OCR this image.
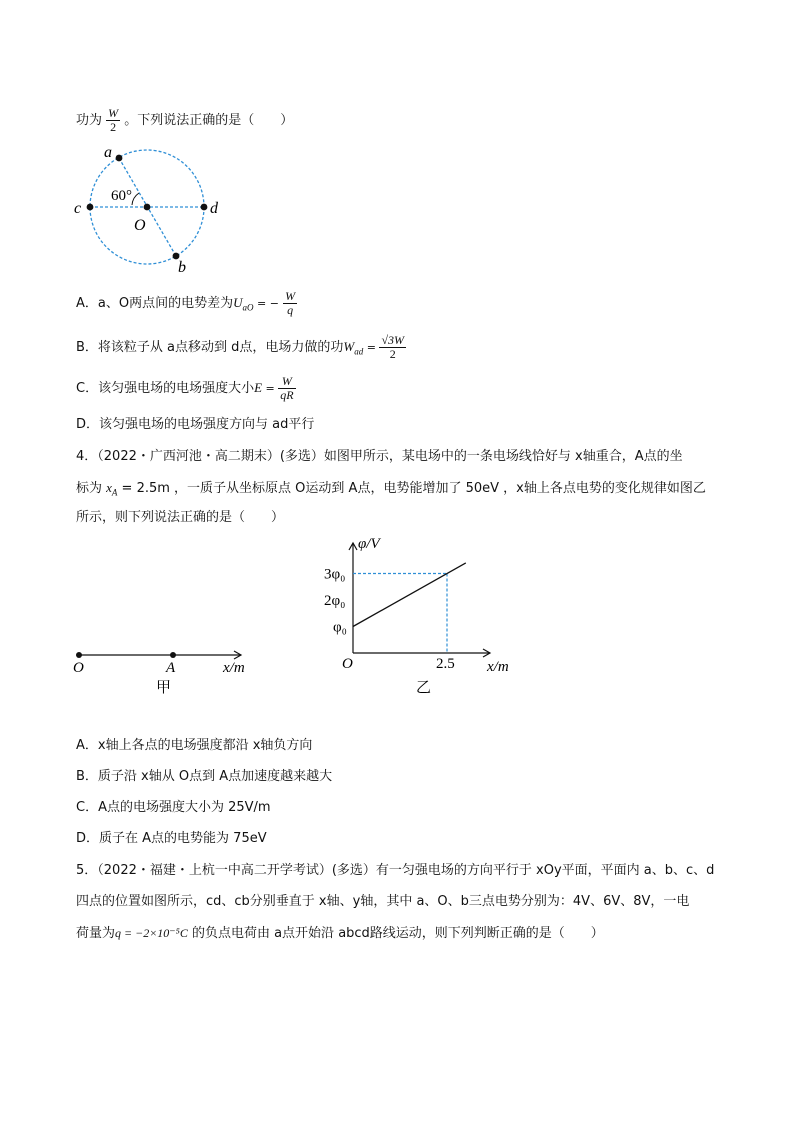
功为 $\frac{W}{2}$ 。下列说法正确的是（　　）
a
b
c	d
O
60°
A．a、O两点间的电势差为$U_{aO}$ = − $\frac{W}{q}$
B．将该粒子从 a点移动到 d点，电场力做的功$W_{ad} = \frac{√3W}{2}$
C．该匀强电场的电场强度大小$E = \frac{W}{qR}$
D．该匀强电场的电场强度方向与 ad平行
4．（2022・广西河池・高二期末）(多选）如图甲所示，某电场中的一条电场线恰好与 x轴重合，A点的坐
标为 $x_A = 2.5m$ ，一质子从坐标原点 O运动到 A点，电势能增加了 50eV ，x轴上各点电势的变化规律如图乙
所示，则下列说法正确的是（　　）
O	A	x/m
甲
φ/V
x/m
O
3φ₀
2φ₀
φ₀
2.5
乙
A．x轴上各点的电场强度都沿 x轴负方向
B．质子沿 x轴从 O点到 A点加速度越来越大
C．A点的电场强度大小为 25V/m
D．质子在 A点的电势能为 75eV
5．（2022・福建・上杭一中高二开学考试）(多选）有一匀强电场的方向平行于 xOy平面，平面内 a、b、c、d
四点的位置如图所示，cd、cb分别垂直于 x轴、y轴，其中 a、O、b三点电势分别为：4V、6V、8V，一电
荷量为q = −2×10⁻⁵C 的负点电荷由 a点开始沿 abcd路线运动，则下列判断正确的是（　　）
